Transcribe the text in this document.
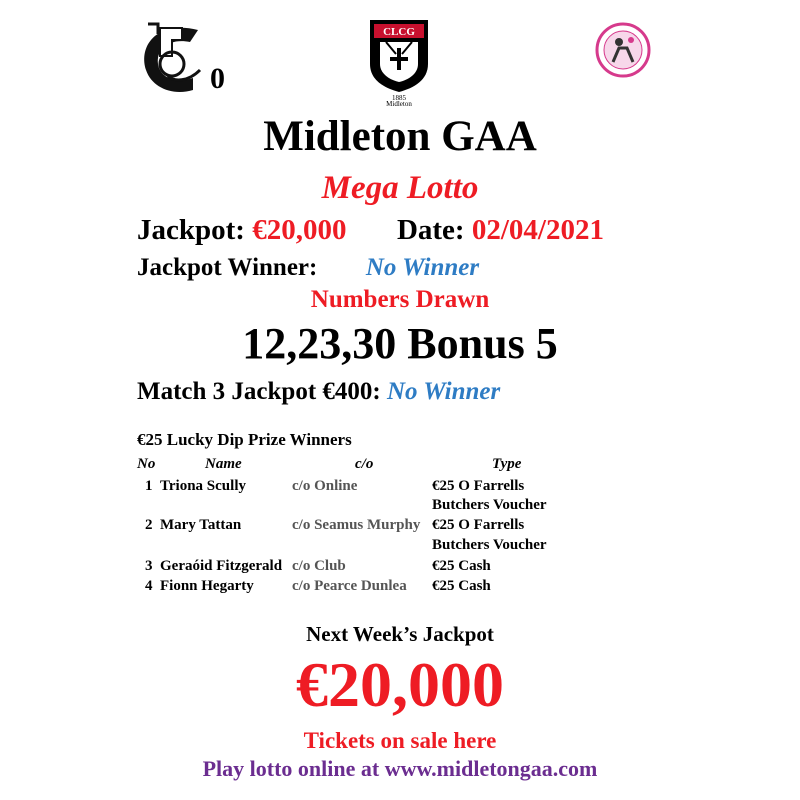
0
CLCG
1885
Midleton
Midleton GAA
Mega Lotto
Jackpot: €20,000 Date: 02/04/2021
Jackpot Winner: No Winner
Numbers Drawn
12,23,30 Bonus 5
Match 3 Jackpot €400: No Winner
€25 Lucky Dip Prize Winners
No	Name	c/o	Type
1 Triona Scully	c/o Online	€25 O Farrells
Butchers Voucher
2 Mary Tattan	c/o Seamus Murphy €25 O Farrells
Butchers Voucher
3 Geraóid Fitzgerald c/o Club	€25 Cash
4 Fionn Hegarty	c/o Pearce Dunlea €25 Cash
Next Week’s Jackpot
€20,000
Tickets on sale here
Play lotto online at www.midletongaa.com
